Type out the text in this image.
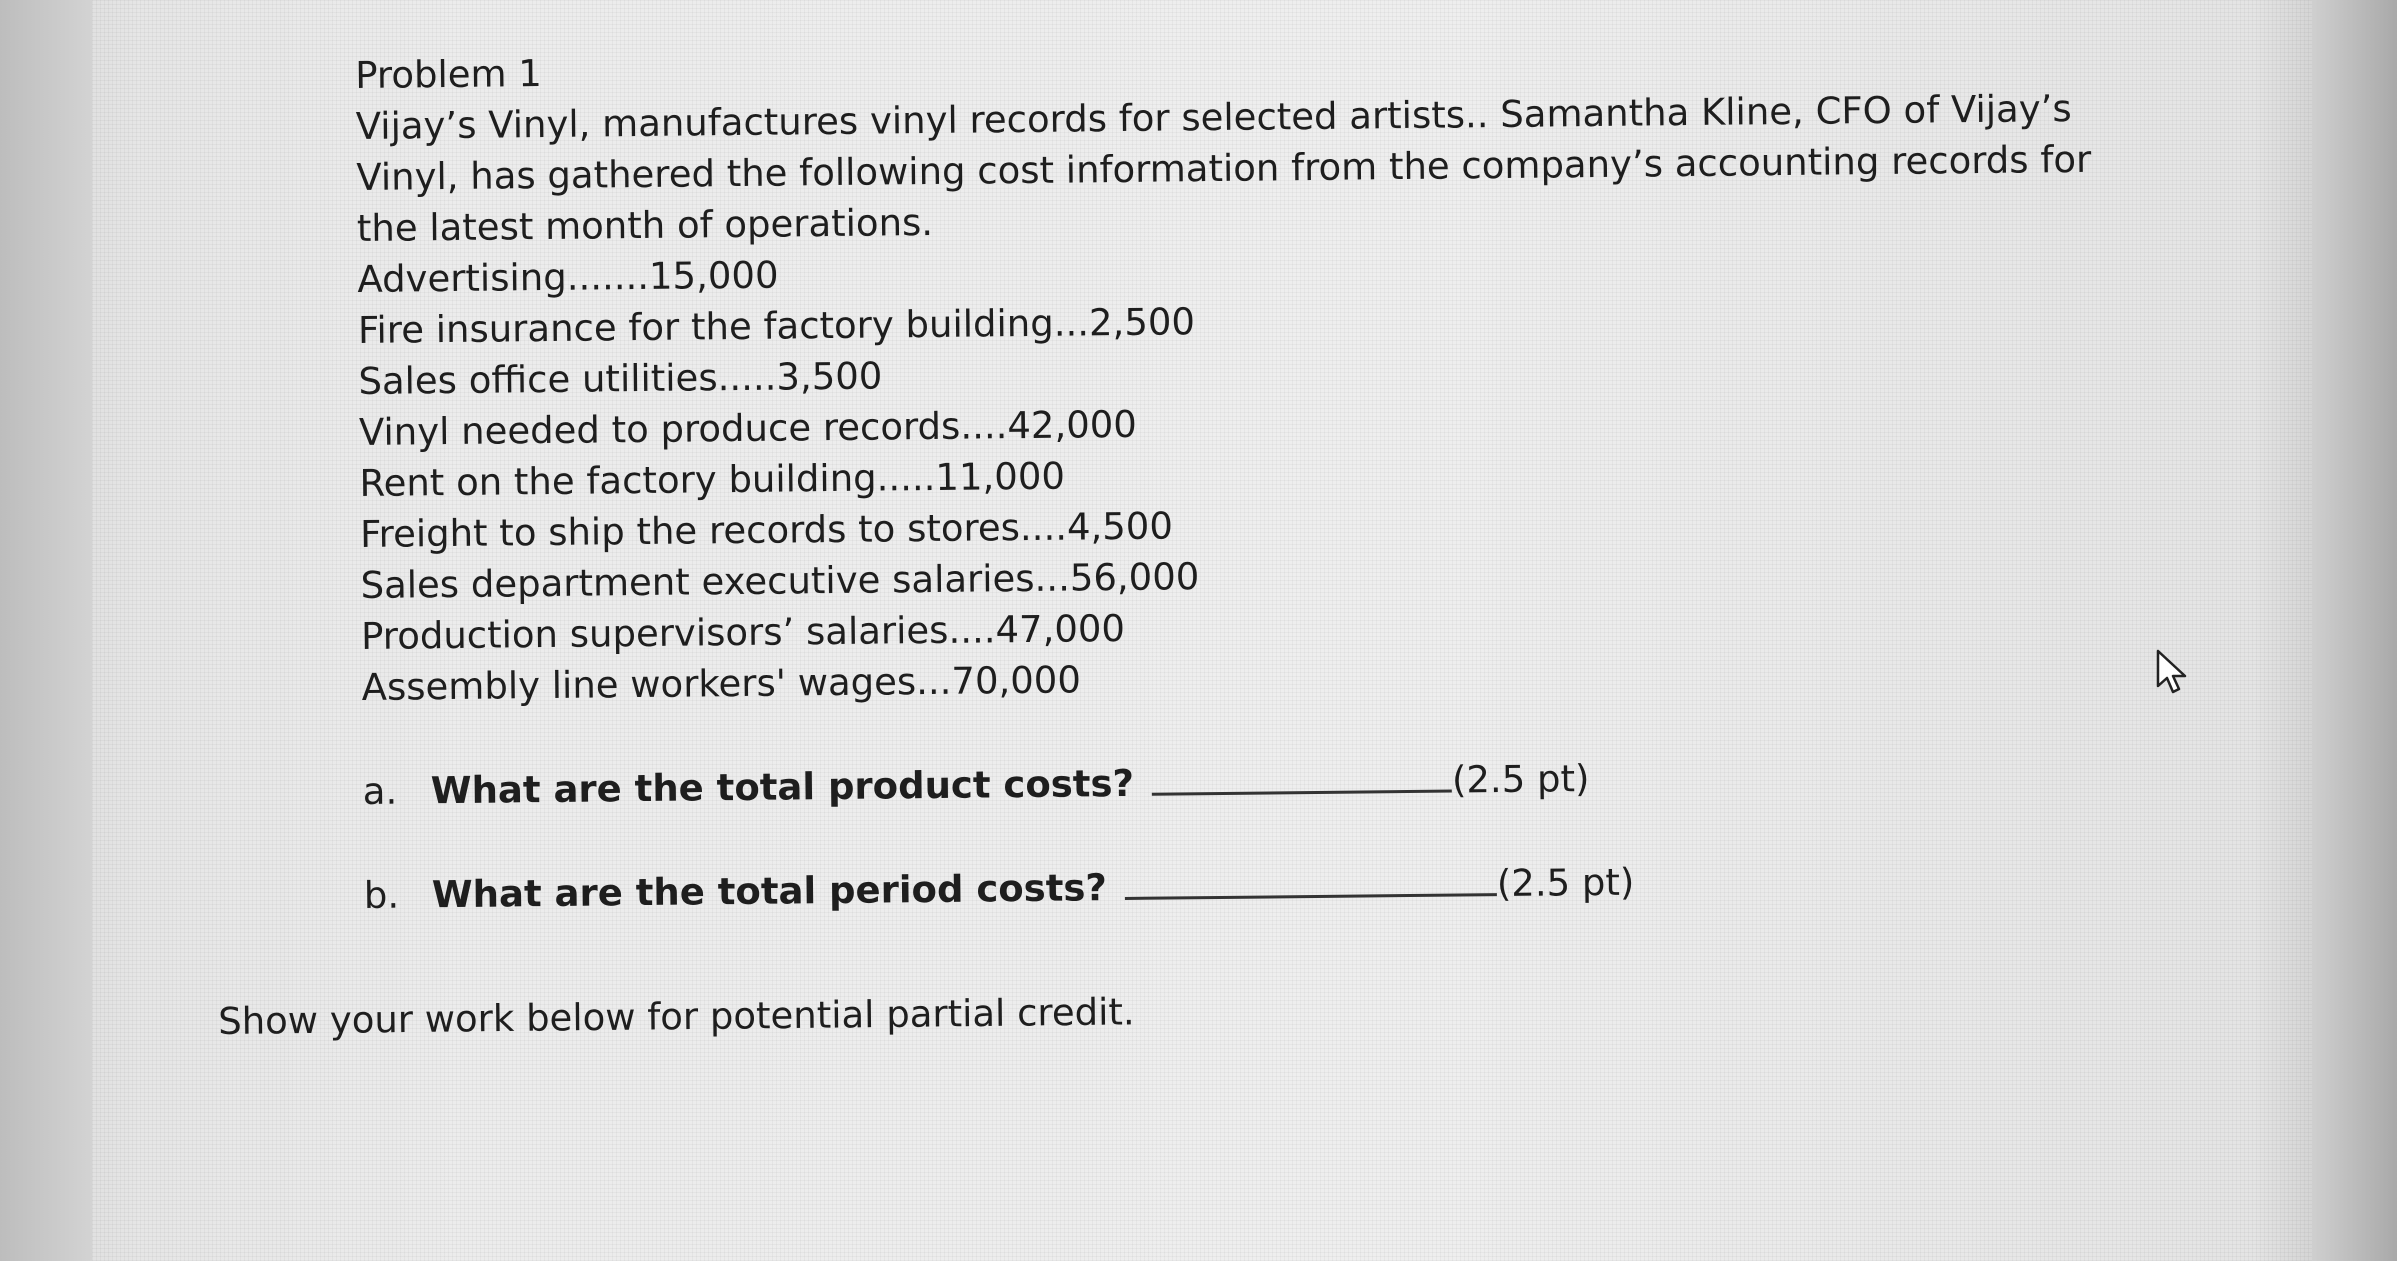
Problem 1
Vijay’s Vinyl, manufactures vinyl records for selected artists.. Samantha Kline, CFO of Vijay’s Vinyl, has gathered the following cost information from the company’s accounting records for the latest month of operations.
Advertising.......15,000
Fire insurance for the factory building...2,500
Sales office utilities.....3,500
Vinyl needed to produce records....42,000
Rent on the factory building.....11,000
Freight to ship the records to stores....4,500
Sales department executive salaries...56,000
Production supervisors’ salaries....47,000
Assembly line workers' wages...70,000
a. What are the total product costs?	(2.5 pt)
b. What are the total period costs?	(2.5 pt)
Show your work below for potential partial credit.
